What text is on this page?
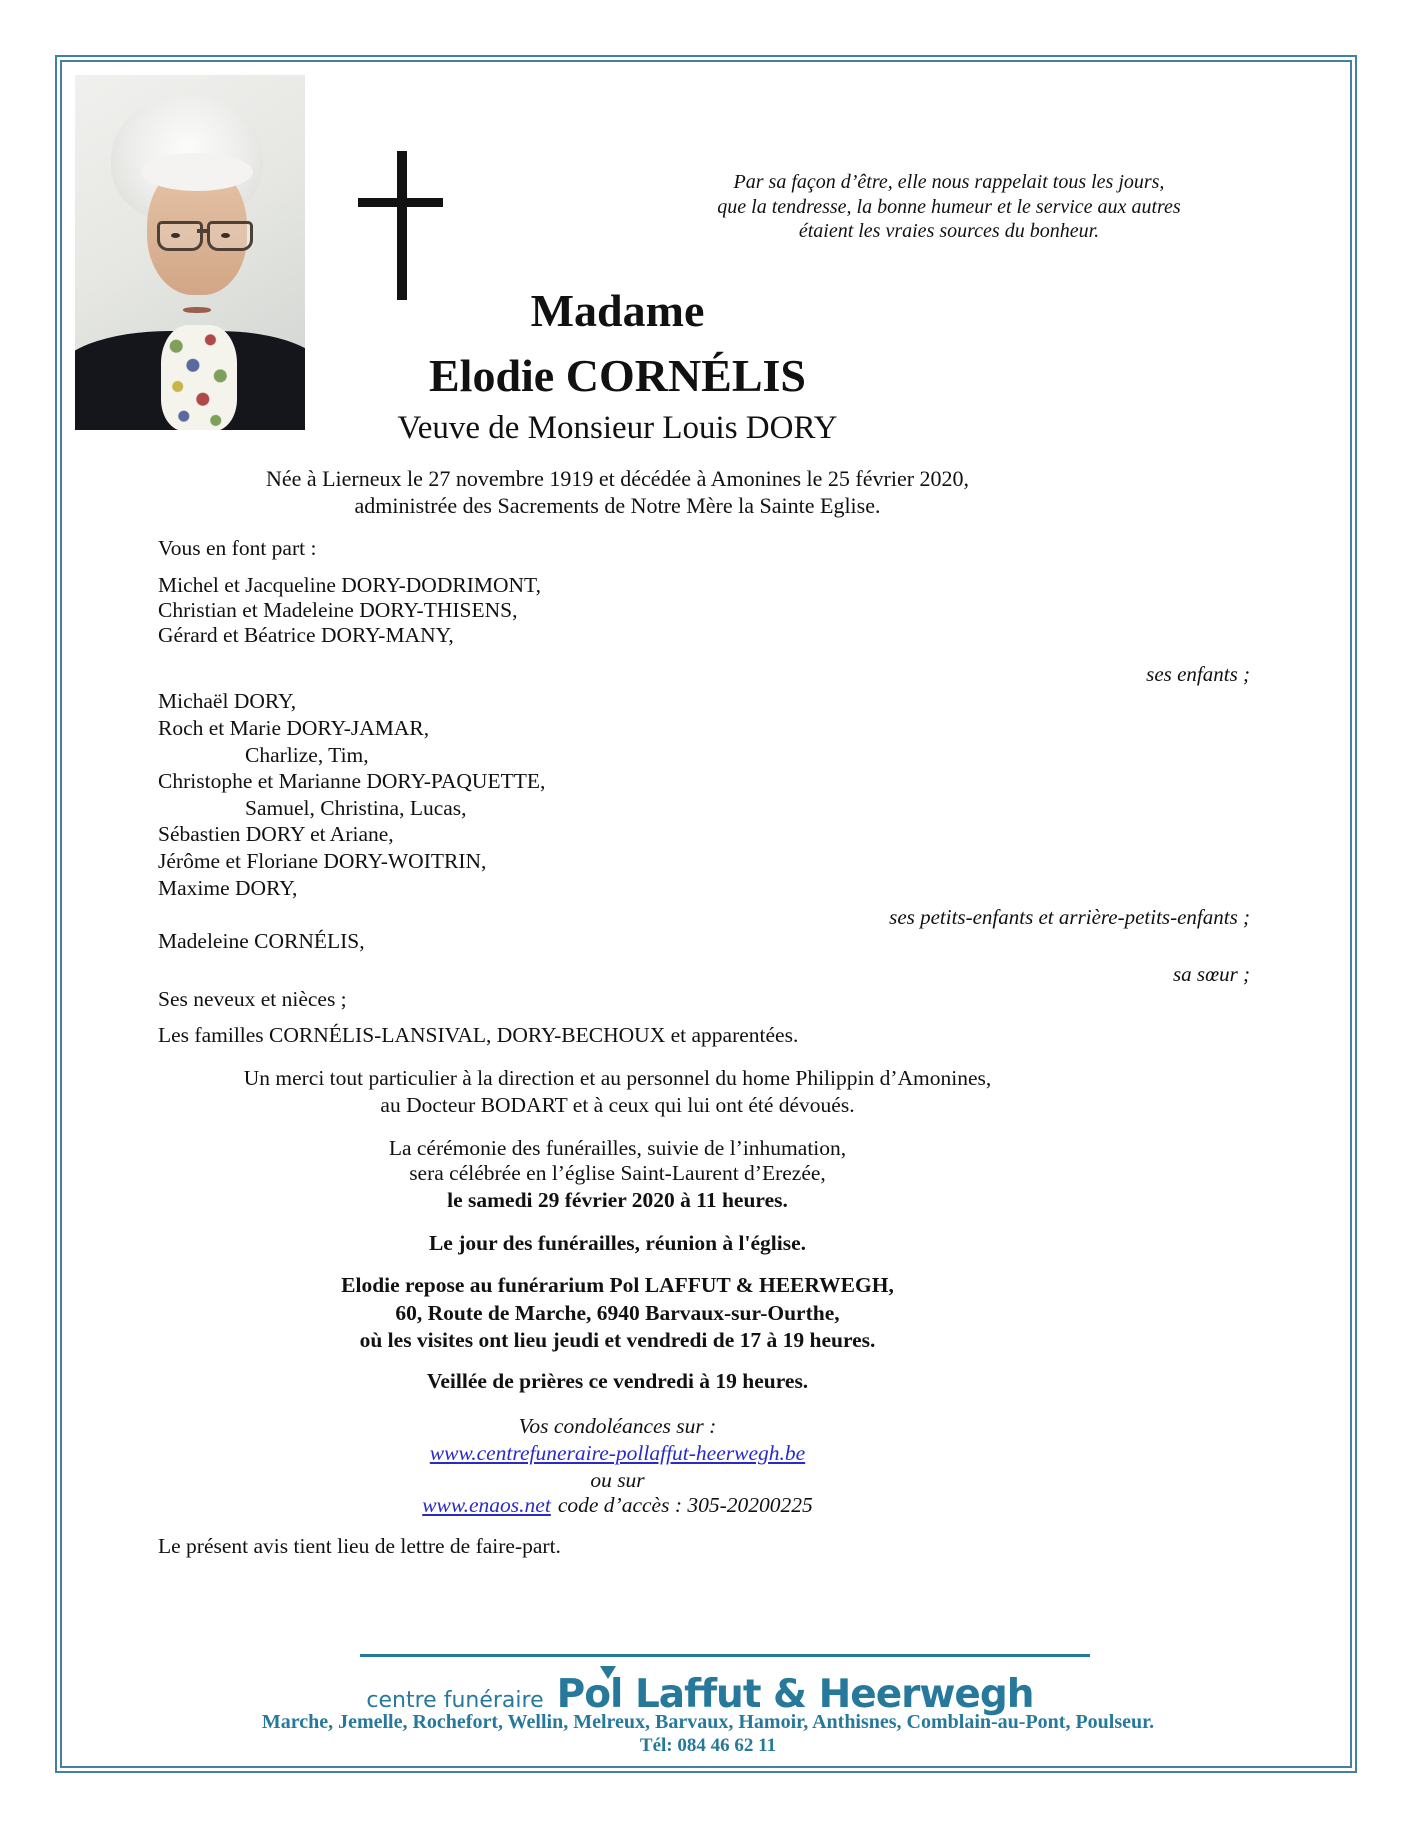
Par sa façon d’être, elle nous rappelait tous les jours,
que la tendresse, la bonne humeur et le service aux autres
étaient les vraies sources du bonheur.
Madame
Elodie CORNÉLIS
Veuve de Monsieur Louis DORY
Née à Lierneux le 27 novembre 1919 et décédée à Amonines le 25 février 2020,
administrée des Sacrements de Notre Mère la Sainte Eglise.
Vous en font part :
Michel et Jacqueline DORY-DODRIMONT,
Christian et Madeleine DORY-THISENS,
Gérard et Béatrice DORY-MANY,
ses enfants ;
Michaël DORY,
Roch et Marie DORY-JAMAR,
Charlize, Tim,
Christophe et Marianne DORY-PAQUETTE,
Samuel, Christina, Lucas,
Sébastien DORY et Ariane,
Jérôme et Floriane DORY-WOITRIN,
Maxime DORY,
ses petits-enfants et arrière-petits-enfants ;
Madeleine CORNÉLIS,
sa sœur ;
Ses neveux et nièces ;
Les familles CORNÉLIS-LANSIVAL, DORY-BECHOUX et apparentées.
Un merci tout particulier à la direction et au personnel du home Philippin d’Amonines,
au Docteur BODART et à ceux qui lui ont été dévoués.
La cérémonie des funérailles, suivie de l’inhumation,
sera célébrée en l’église Saint-Laurent d’Erezée,
le samedi 29 février 2020 à 11 heures.
Le jour des funérailles, réunion à l'église.
Elodie repose au funérarium Pol LAFFUT & HEERWEGH,
60, Route de Marche, 6940 Barvaux-sur-Ourthe,
où les visites ont lieu jeudi et vendredi de 17 à 19 heures.
Veillée de prières ce vendredi à 19 heures.
Vos condoléances sur :
www.centrefuneraire-pollaffut-heerwegh.be
ou sur
www.enaos.net code d’accès : 305-20200225
Le présent avis tient lieu de lettre de faire-part.
centre funéraire Pol Laffut & Heerwegh
Marche, Jemelle, Rochefort, Wellin, Melreux, Barvaux, Hamoir, Anthisnes, Comblain-au-Pont, Poulseur.
Tél: 084 46 62 11
